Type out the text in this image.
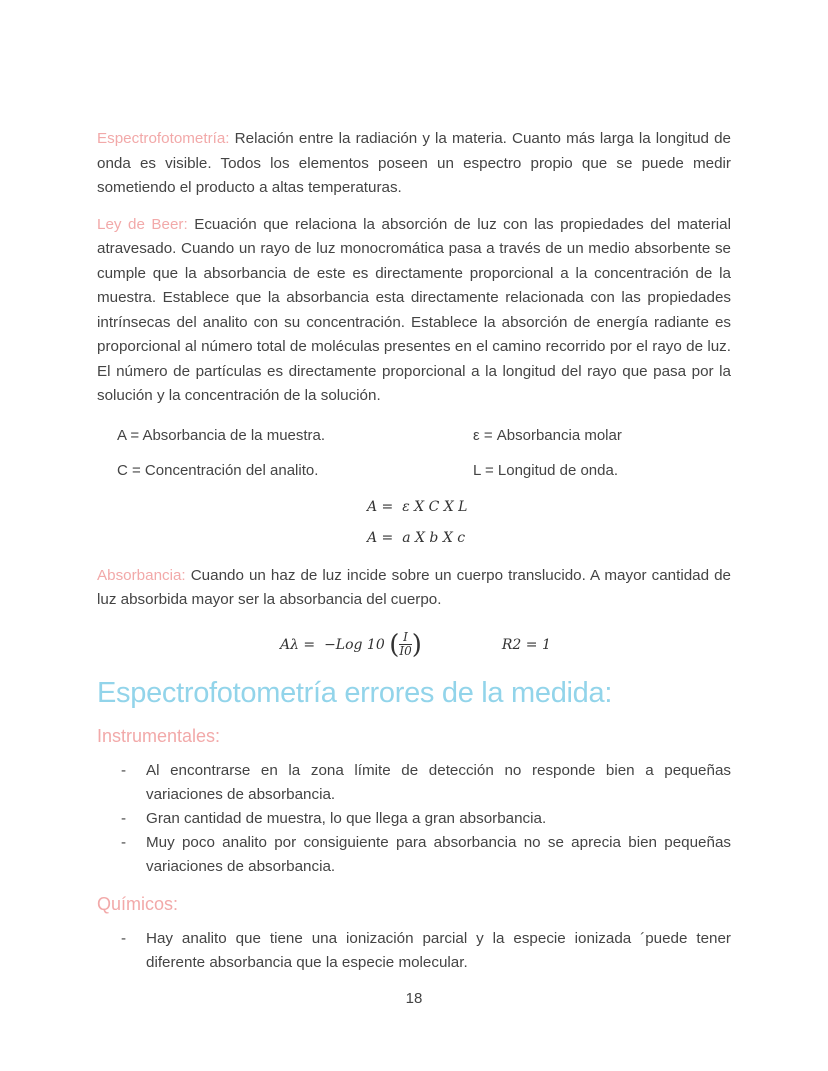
Espectrofotometría: Relación entre la radiación y la materia. Cuanto más larga la longitud de onda es visible. Todos los elementos poseen un espectro propio que se puede medir sometiendo el producto a altas temperaturas.
Ley de Beer: Ecuación que relaciona la absorción de luz con las propiedades del material atravesado. Cuando un rayo de luz monocromática pasa a través de un medio absorbente se cumple que la absorbancia de este es directamente proporcional a la concentración de la muestra. Establece que la absorbancia esta directamente relacionada con las propiedades intrínsecas del analito con su concentración. Establece la absorción de energía radiante es proporcional al número total de moléculas presentes en el camino recorrido por el rayo de luz. El número de partículas es directamente proporcional a la longitud del rayo que pasa por la solución y la concentración de la solución.
A = Absorbancia de la muestra.	ε = Absorbancia molar
C = Concentración del analito.	L = Longitud de onda.
A =  ε X C X L
A =  a X b X c
Absorbancia: Cuando un haz de luz incide sobre un cuerpo translucido. A mayor cantidad de luz absorbida mayor ser la absorbancia del cuerpo.
Aλ =  −Log 10 ( $\frac{I}{I0}$ )	R2 = 1
Espectrofotometría errores de la medida:
Instrumentales:
- Al encontrarse en la zona límite de detección no responde bien a pequeñas variaciones de absorbancia.
- Gran cantidad de muestra, lo que llega a gran absorbancia.
- Muy poco analito por consiguiente para absorbancia no se aprecia bien pequeñas variaciones de absorbancia.
Químicos:
- Hay analito que tiene una ionización parcial y la especie ionizada ´puede tener diferente absorbancia que la especie molecular.
18
